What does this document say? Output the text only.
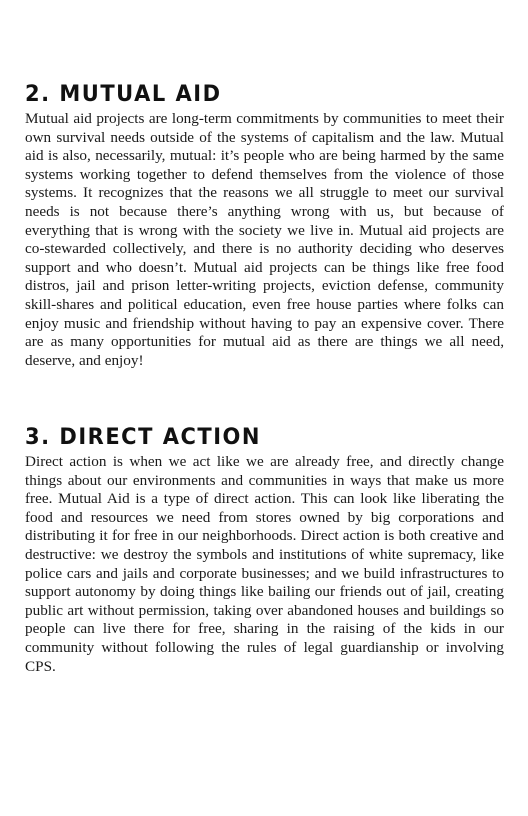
2. MUTUAL AID

Mutual aid projects are long-term commitments by communities to meet their own survival needs outside of the systems of capitalism and the law. Mutual aid is also, necessarily, mutual: it’s people who are being harmed by the same systems working together to defend themselves from the violence of those systems. It recognizes that the reasons we all struggle to meet our survival needs is not because there’s anything wrong with us, but because of everything that is wrong with the society we live in. Mutual aid projects are co-stewarded collectively, and there is no authority deciding who deserves support and who doesn’t. Mutual aid projects can be things like free food distros, jail and prison letter-writing projects, eviction defense, community skill-shares and political education, even free house parties where folks can enjoy music and friendship without having to pay an expensive cover. There are as many opportunities for mutual aid as there are things we all need, deserve, and enjoy!

3. DIRECT ACTION

Direct action is when we act like we are already free, and directly change things about our environments and communities in ways that make us more free. Mutual Aid is a type of direct action. This can look like liberating the food and resources we need from stores owned by big corporations and distributing it for free in our neighborhoods. Direct action is both creative and destructive: we destroy the symbols and institutions of white supremacy, like police cars and jails and corporate businesses; and we build infrastructures to support autonomy by doing things like bailing our friends out of jail, creating public art without permission, taking over abandoned houses and buildings so people can live there for free, sharing in the raising of the kids in our community without following the rules of legal guardianship or involving CPS.
